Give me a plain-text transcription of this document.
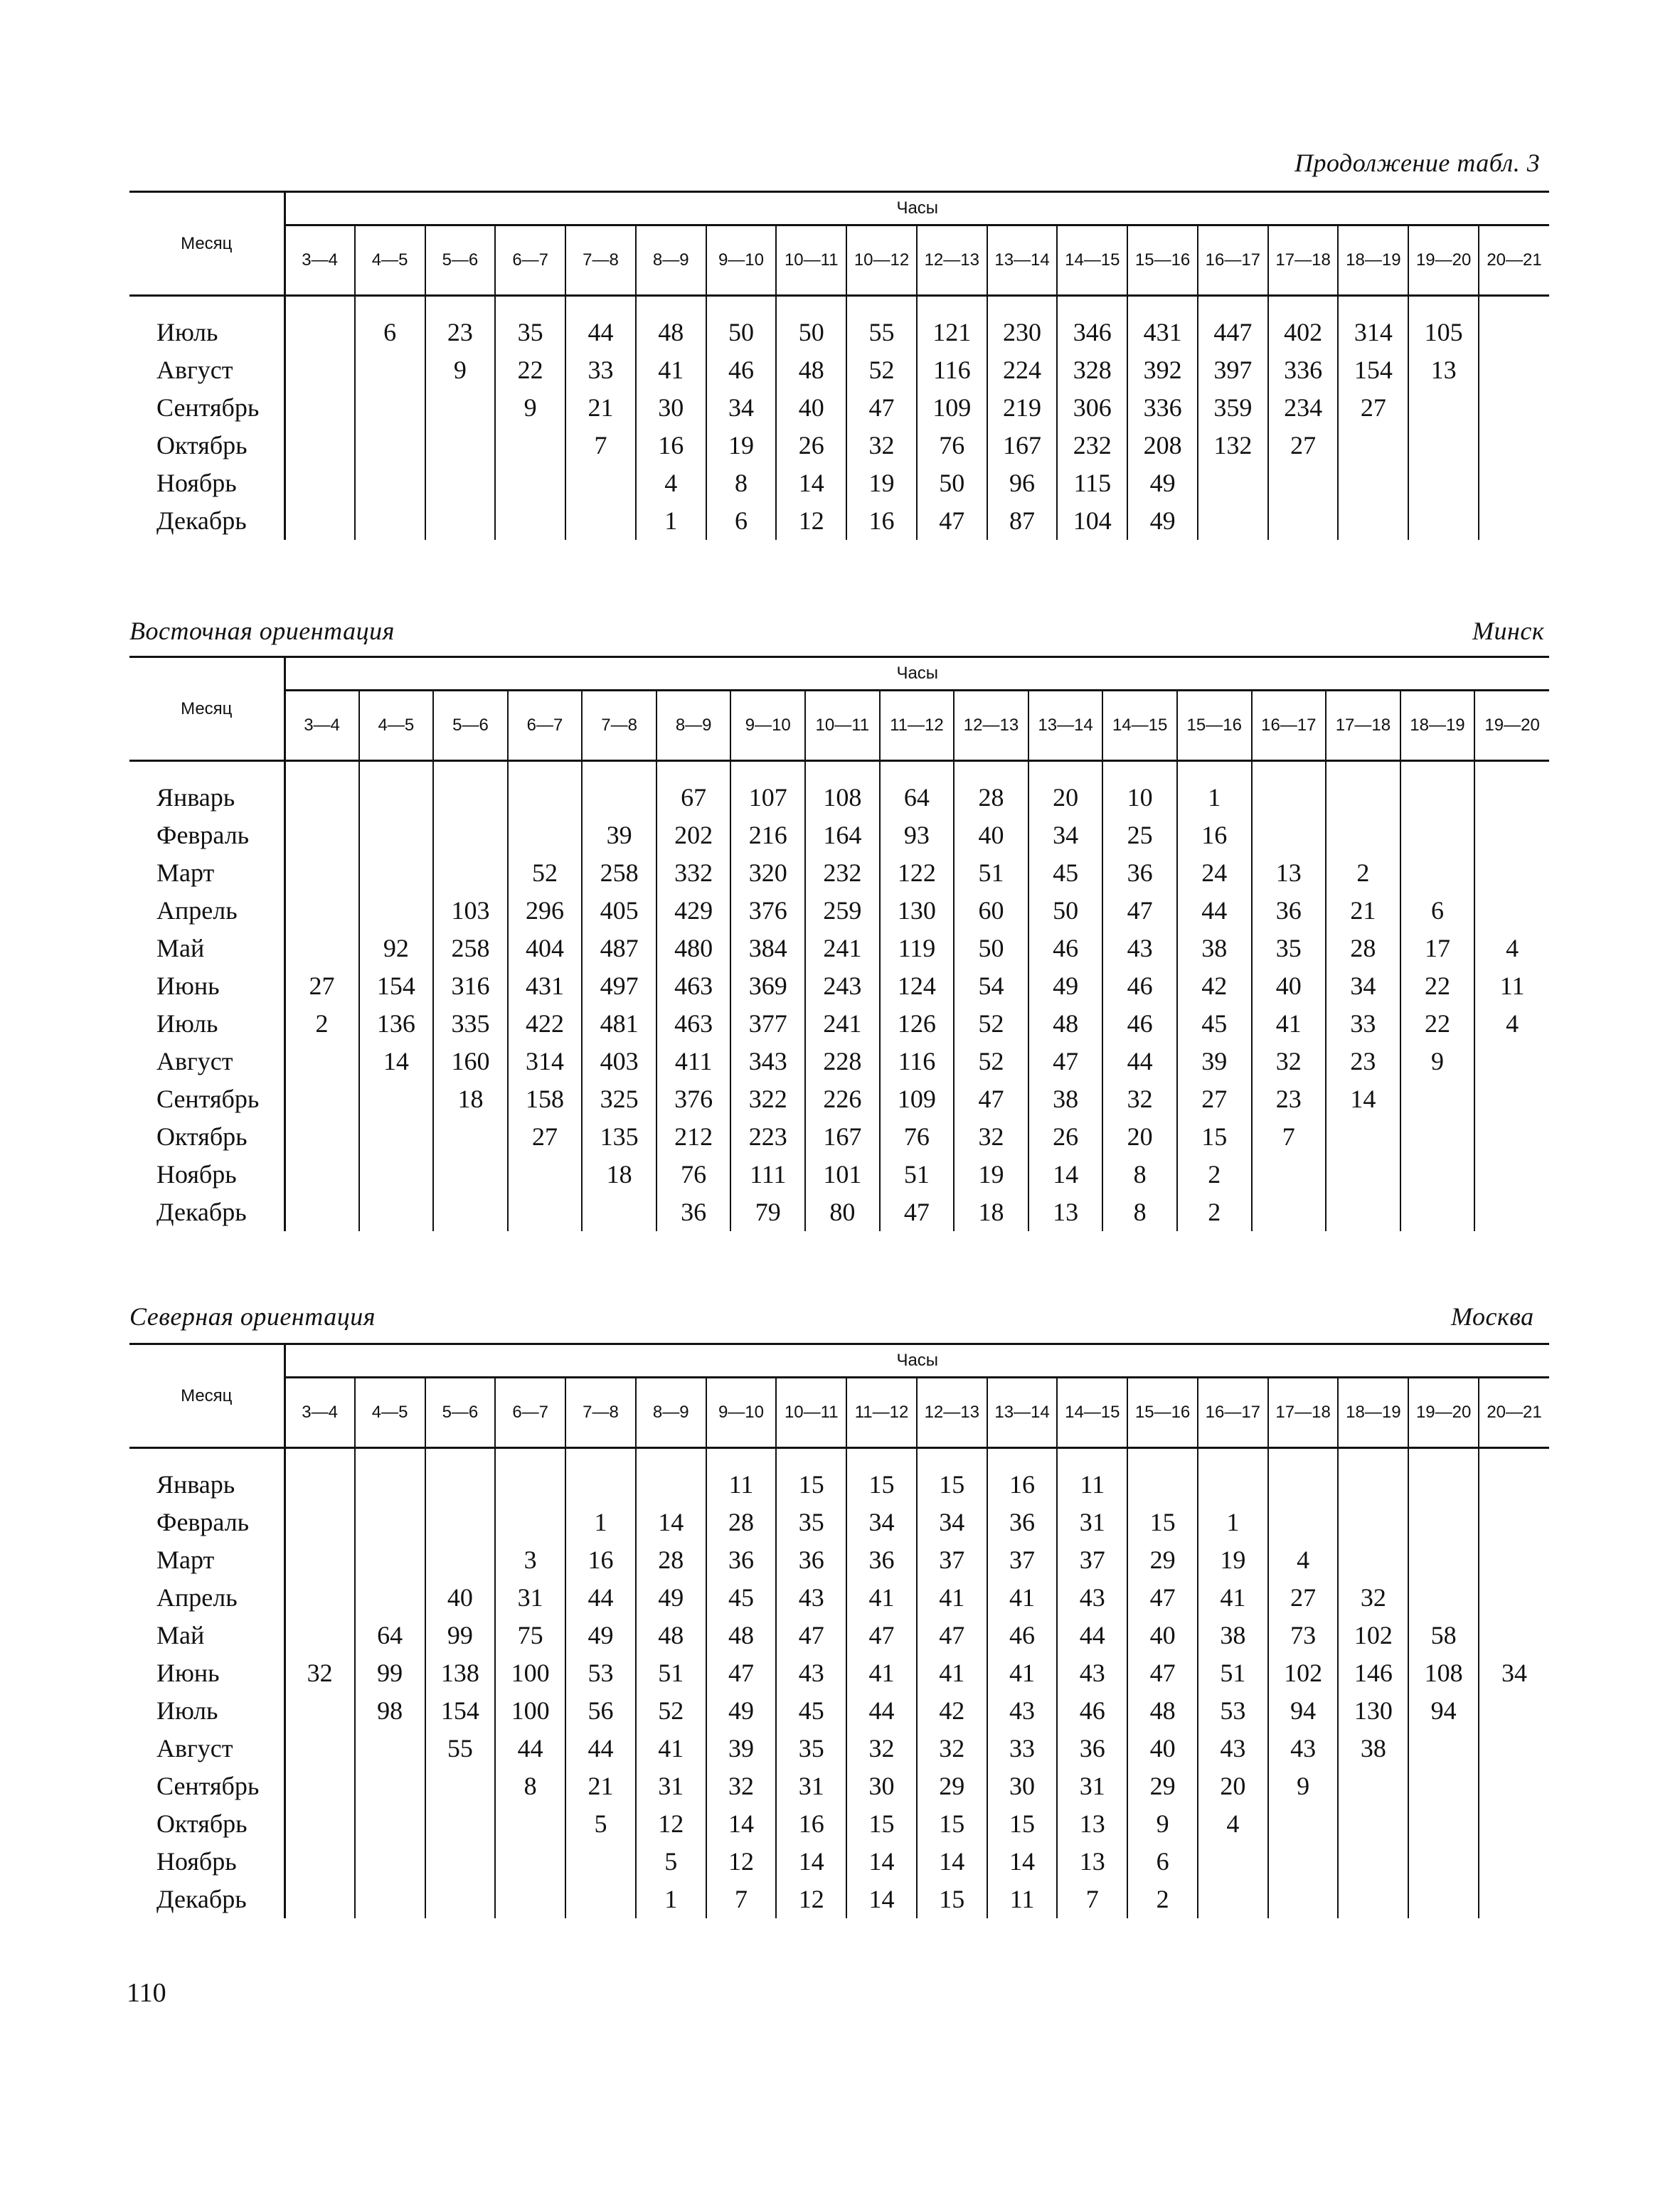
Продолжение табл. 3
Месяц	Часы																	
	3—4	4—5	5—6	6—7	7—8	8—9	9—10	10—11	10—12	12—13	13—14	14—15	15—16	16—17	17—18	18—19	19—20	20—21

Июль		6	23	35	44	48	50	50	55	121	230	346	431	447	402	314	105	
Август			9	22	33	41	46	48	52	116	224	328	392	397	336	154	13	
Сентябрь				9	21	30	34	40	47	109	219	306	336	359	234	27		
Октябрь					7	16	19	26	32	76	167	232	208	132	27			
Ноябрь						4	8	14	19	50	96	115	49					
Декабрь						1	6	12	16	47	87	104	49					
Восточная ориентация	Минск
Месяц	Часы																
	3—4	4—5	5—6	6—7	7—8	8—9	9—10	10—11	11—12	12—13	13—14	14—15	15—16	16—17	17—18	18—19	19—20

Январь						67	107	108	64	28	20	10	1				
Февраль					39	202	216	164	93	40	34	25	16				
Март				52	258	332	320	232	122	51	45	36	24	13	2		
Апрель			103	296	405	429	376	259	130	60	50	47	44	36	21	6	
Май		92	258	404	487	480	384	241	119	50	46	43	38	35	28	17	4
Июнь	27	154	316	431	497	463	369	243	124	54	49	46	42	40	34	22	11
Июль	2	136	335	422	481	463	377	241	126	52	48	46	45	41	33	22	4
Август		14	160	314	403	411	343	228	116	52	47	44	39	32	23	9	
Сентябрь			18	158	325	376	322	226	109	47	38	32	27	23	14		
Октябрь				27	135	212	223	167	76	32	26	20	15	7			
Ноябрь					18	76	111	101	51	19	14	8	2				
Декабрь						36	79	80	47	18	13	8	2				
Северная ориентация	Москва
Месяц	Часы																	
	3—4	4—5	5—6	6—7	7—8	8—9	9—10	10—11	11—12	12—13	13—14	14—15	15—16	16—17	17—18	18—19	19—20	20—21

Январь							11	15	15	15	16	11						
Февраль					1	14	28	35	34	34	36	31	15	1				
Март				3	16	28	36	36	36	37	37	37	29	19	4			
Апрель			40	31	44	49	45	43	41	41	41	43	47	41	27	32		
Май		64	99	75	49	48	48	47	47	47	46	44	40	38	73	102	58	
Июнь	32	99	138	100	53	51	47	43	41	41	41	43	47	51	102	146	108	34
Июль		98	154	100	56	52	49	45	44	42	43	46	48	53	94	130	94	
Август			55	44	44	41	39	35	32	32	33	36	40	43	43	38		
Сентябрь				8	21	31	32	31	30	29	30	31	29	20	9			
Октябрь					5	12	14	16	15	15	15	13	9	4				
Ноябрь						5	12	14	14	14	14	13	6					
Декабрь						1	7	12	14	15	11	7	2					
110
